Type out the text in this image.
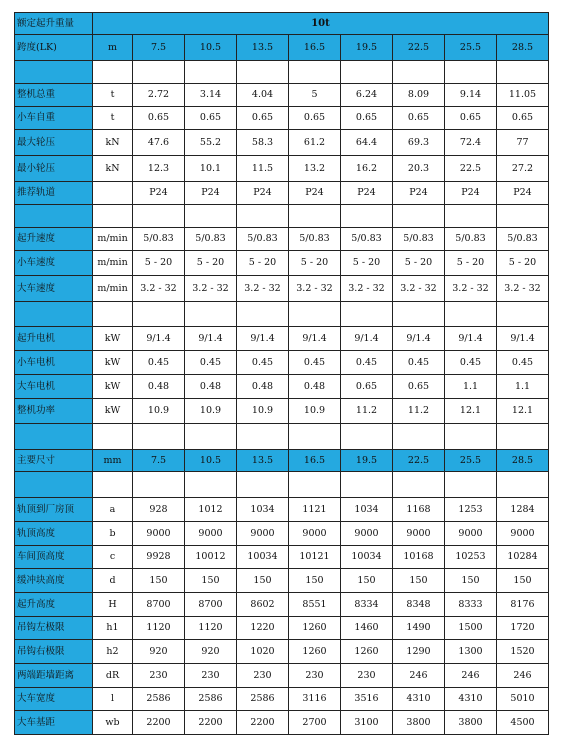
额定起升重量	10t								
跨度(LK)	m	7.5	10.5	13.5	16.5	19.5	22.5	25.5	28.5

整机总重	t	2.72	3.14	4.04	5	6.24	8.09	9.14	11.05
小车自重	t	0.65	0.65	0.65	0.65	0.65	0.65	0.65	0.65
最大轮压	kN	47.6	55.2	58.3	61.2	64.4	69.3	72.4	77
最小轮压	kN	12.3	10.1	11.5	13.2	16.2	20.3	22.5	27.2
推荐轨道		P24	P24	P24	P24	P24	P24	P24	P24

起升速度	m/min	5/0.83	5/0.83	5/0.83	5/0.83	5/0.83	5/0.83	5/0.83	5/0.83
小车速度	m/min	5 - 20	5 - 20	5 - 20	5 - 20	5 - 20	5 - 20	5 - 20	5 - 20
大车速度	m/min	3.2 - 32	3.2 - 32	3.2 - 32	3.2 - 32	3.2 - 32	3.2 - 32	3.2 - 32	3.2 - 32

起升电机	kW	9/1.4	9/1.4	9/1.4	9/1.4	9/1.4	9/1.4	9/1.4	9/1.4
小车电机	kW	0.45	0.45	0.45	0.45	0.45	0.45	0.45	0.45
大车电机	kW	0.48	0.48	0.48	0.48	0.65	0.65	1.1	1.1
整机功率	kW	10.9	10.9	10.9	10.9	11.2	11.2	12.1	12.1

主要尺寸	mm	7.5	10.5	13.5	16.5	19.5	22.5	25.5	28.5

轨顶到厂房顶	a	928	1012	1034	1121	1034	1168	1253	1284
轨顶高度	b	9000	9000	9000	9000	9000	9000	9000	9000
车间顶高度	c	9928	10012	10034	10121	10034	10168	10253	10284
缓冲块高度	d	150	150	150	150	150	150	150	150
起升高度	H	8700	8700	8602	8551	8334	8348	8333	8176
吊钩左极限	h1	1120	1120	1220	1260	1460	1490	1500	1720
吊钩右极限	h2	920	920	1020	1260	1260	1290	1300	1520
两端距墙距离	dR	230	230	230	230	230	246	246	246
大车宽度	l	2586	2586	2586	3116	3516	4310	4310	5010
大车基距	wb	2200	2200	2200	2700	3100	3800	3800	4500
